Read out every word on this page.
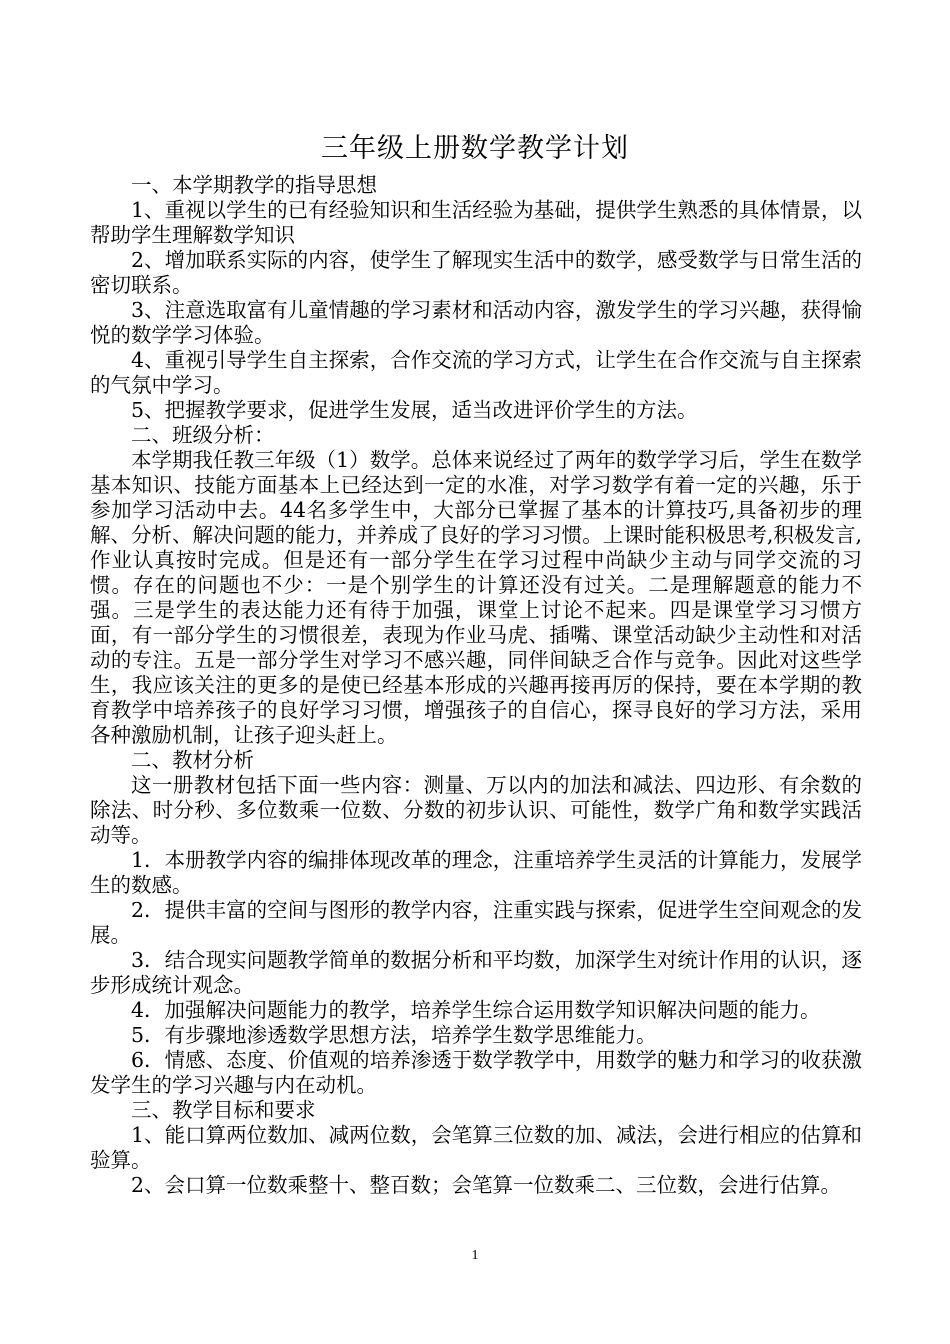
三年级上册数学教学计划

一、本学期教学的指导思想

1、重视以学生的已有经验知识和生活经验为基础，提供学生熟悉的具体情景，以帮助学生理解数学知识

2、增加联系实际的内容，使学生了解现实生活中的数学，感受数学与日常生活的密切联系。

3、注意选取富有儿童情趣的学习素材和活动内容，激发学生的学习兴趣，获得愉悦的数学学习体验。

4、重视引导学生自主探索，合作交流的学习方式，让学生在合作交流与自主探索的气氛中学习。

5、把握教学要求，促进学生发展，适当改进评价学生的方法。

二、班级分析：

本学期我任教三年级（1）数学。总体来说经过了两年的数学学习后，学生在数学基本知识、技能方面基本上已经达到一定的水准，对学习数学有着一定的兴趣，乐于参加学习活动中去。44名多学生中，大部分已掌握了基本的计算技巧,具备初步的理解、分析、解决问题的能力，并养成了良好的学习习惯。上课时能积极思考,积极发言,作业认真按时完成。但是还有一部分学生在学习过程中尚缺少主动与同学交流的习惯。存在的问题也不少：一是个别学生的计算还没有过关。二是理解题意的能力不强。三是学生的表达能力还有待于加强，课堂上讨论不起来。四是课堂学习习惯方面，有一部分学生的习惯很差，表现为作业马虎、插嘴、课堂活动缺少主动性和对活动的专注。五是一部分学生对学习不感兴趣，同伴间缺乏合作与竞争。因此对这些学生，我应该关注的更多的是使已经基本形成的兴趣再接再厉的保持，要在本学期的教育教学中培养孩子的良好学习习惯，增强孩子的自信心，探寻良好的学习方法，采用各种激励机制，让孩子迎头赶上。

二、教材分析

这一册教材包括下面一些内容：测量、万以内的加法和减法、四边形、有余数的除法、时分秒、多位数乘一位数、分数的初步认识、可能性，数学广角和数学实践活动等。

1．本册教学内容的编排体现改革的理念，注重培养学生灵活的计算能力，发展学生的数感。

2．提供丰富的空间与图形的教学内容，注重实践与探索，促进学生空间观念的发展。

3．结合现实问题教学简单的数据分析和平均数，加深学生对统计作用的认识，逐步形成统计观念。

4．加强解决问题能力的教学，培养学生综合运用数学知识解决问题的能力。

5．有步骤地渗透数学思想方法，培养学生数学思维能力。

6．情感、态度、价值观的培养渗透于数学教学中，用数学的魅力和学习的收获激发学生的学习兴趣与内在动机。

三、教学目标和要求

1、能口算两位数加、减两位数，会笔算三位数的加、减法，会进行相应的估算和验算。

2、会口算一位数乘整十、整百数；会笔算一位数乘二、三位数，会进行估算。

1
